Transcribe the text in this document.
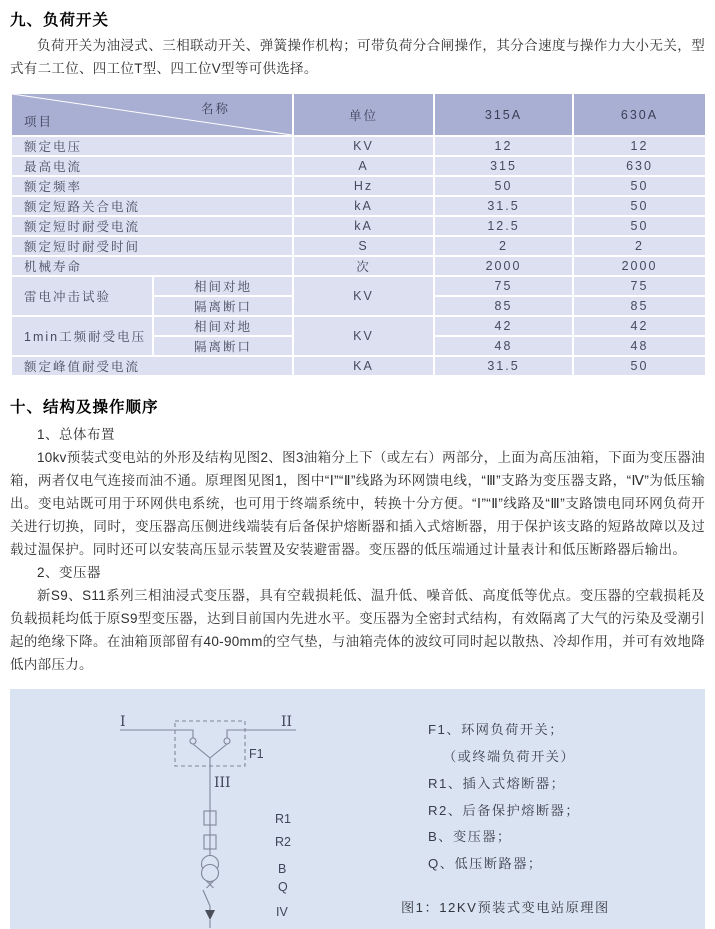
九、负荷开关

负荷开关为油浸式、三相联动开关、弹簧操作机构；可带负荷分合闸操作，其分合速度与操作力大小无关，型式有二工位、四工位T型、四工位V型等可供选择。

名称
项目		单位	315A	630A
额定电压		KV	12	12
最高电流		A	315	630
额定频率		Hz	50	50
额定短路关合电流		kA	31.5	50
额定短时耐受电流		kA	12.5	50
额定短时耐受时间		S	2	2
机械寿命		次	2000	2000
雷电冲击试验	相间对地	KV	75	75
	隔离断口		85	85
1min工频耐受电压	相间对地	KV	42	42
	隔离断口		48	48
额定峰值耐受电流		KA	31.5	50
十、结构及操作顺序

1、总体布置

10kv预装式变电站的外形及结构见图2、图3油箱分上下（或左右）两部分，上面为高压油箱，下面为变压器油箱，两者仅电气连接而油不通。原理图见图1，图中“Ⅰ”“Ⅱ”线路为环网馈电线，“Ⅲ”支路为变压器支路，“Ⅳ”为低压输出。变电站既可用于环网供电系统，也可用于终端系统中，转换十分方便。“Ⅰ”“Ⅱ”线路及“Ⅲ”支路馈电同环网负荷开关进行切换，同时，变压器高压侧进线端装有后备保护熔断器和插入式熔断器，用于保护该支路的短路故障以及过载过温保护。同时还可以安装高压显示装置及安装避雷器。变压器的低压端通过计量表计和低压断路器后输出。

2、变压器

新S9、S11系列三相油浸式变压器，具有空载损耗低、温升低、噪音低、高度低等优点。变压器的空载损耗及负载损耗均低于原S9型变压器，达到目前国内先进水平。变压器为全密封式结构，有效隔离了大气的污染及受潮引起的绝缘下降。在油箱顶部留有40-90mm的空气垫，与油箱壳体的波纹可同时起以散热、冷却作用，并可有效地降低内部压力。

I	II
F1
III
R1
R2
B
Q
IV
F1、环网负荷开关；
（或终端负荷开关）
R1、插入式熔断器；
R2、后备保护熔断器；
B、变压器；
Q、低压断路器；
图1：12KV预装式变电站原理图
